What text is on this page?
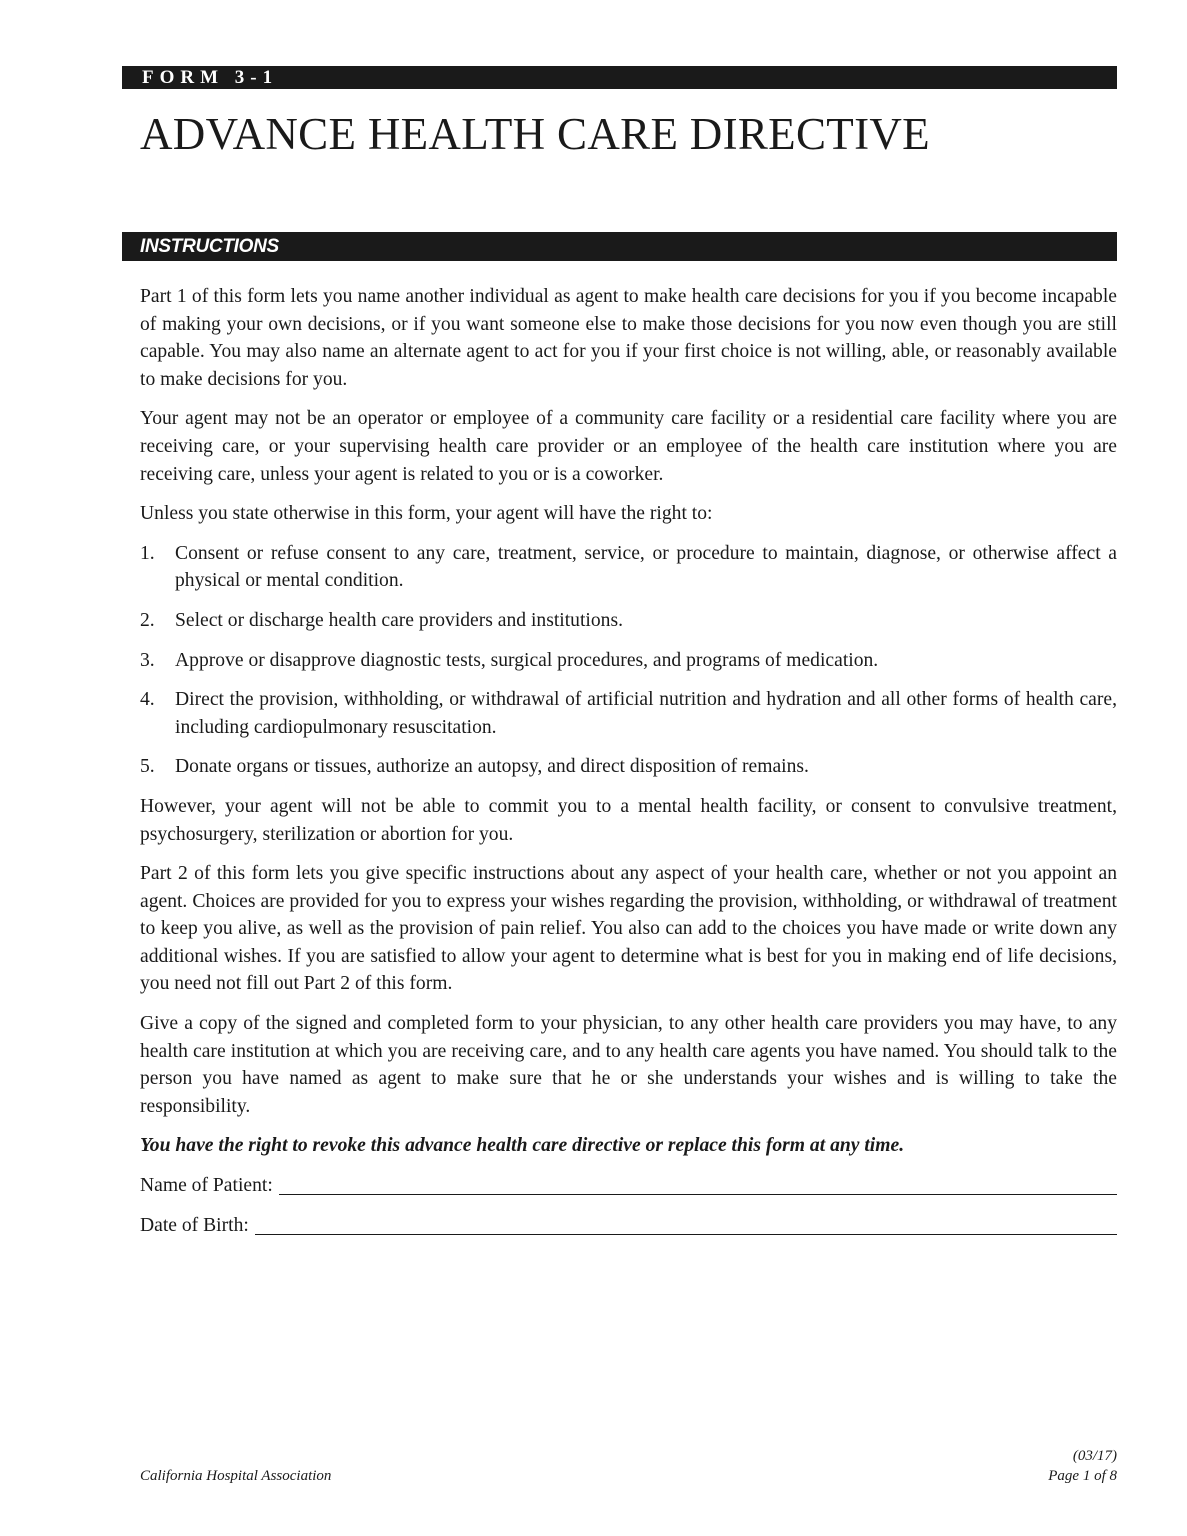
FORM 3-1
ADVANCE HEALTH CARE DIRECTIVE
INSTRUCTIONS

Part 1 of this form lets you name another individual as agent to make health care decisions for you if you become incapable of making your own decisions, or if you want someone else to make those decisions for you now even though you are still capable. You may also name an alternate agent to act for you if your first choice is not willing, able, or reasonably available to make decisions for you.

Your agent may not be an operator or employee of a community care facility or a residential care facility where you are receiving care, or your supervising health care provider or an employee of the health care institution where you are receiving care, unless your agent is related to you or is a coworker.

Unless you state otherwise in this form, your agent will have the right to:

1. Consent or refuse consent to any care, treatment, service, or procedure to maintain, diagnose, or otherwise affect a physical or mental condition.
2. Select or discharge health care providers and institutions.
3. Approve or disapprove diagnostic tests, surgical procedures, and programs of medication.
4. Direct the provision, withholding, or withdrawal of artificial nutrition and hydration and all other forms of health care, including cardiopulmonary resuscitation.
5. Donate organs or tissues, authorize an autopsy, and direct disposition of remains.

However, your agent will not be able to commit you to a mental health facility, or consent to convulsive treatment, psychosurgery, sterilization or abortion for you.

Part 2 of this form lets you give specific instructions about any aspect of your health care, whether or not you appoint an agent. Choices are provided for you to express your wishes regarding the provision, withholding, or withdrawal of treatment to keep you alive, as well as the provision of pain relief. You also can add to the choices you have made or write down any additional wishes. If you are satisfied to allow your agent to determine what is best for you in making end of life decisions, you need not fill out Part 2 of this form.

Give a copy of the signed and completed form to your physician, to any other health care providers you may have, to any health care institution at which you are receiving care, and to any health care agents you have named. You should talk to the person you have named as agent to make sure that he or she understands your wishes and is willing to take the responsibility.

You have the right to revoke this advance health care directive or replace this form at any time.

Name of Patient:
Date of Birth:
(03/17)
California Hospital Association	Page 1 of 8
